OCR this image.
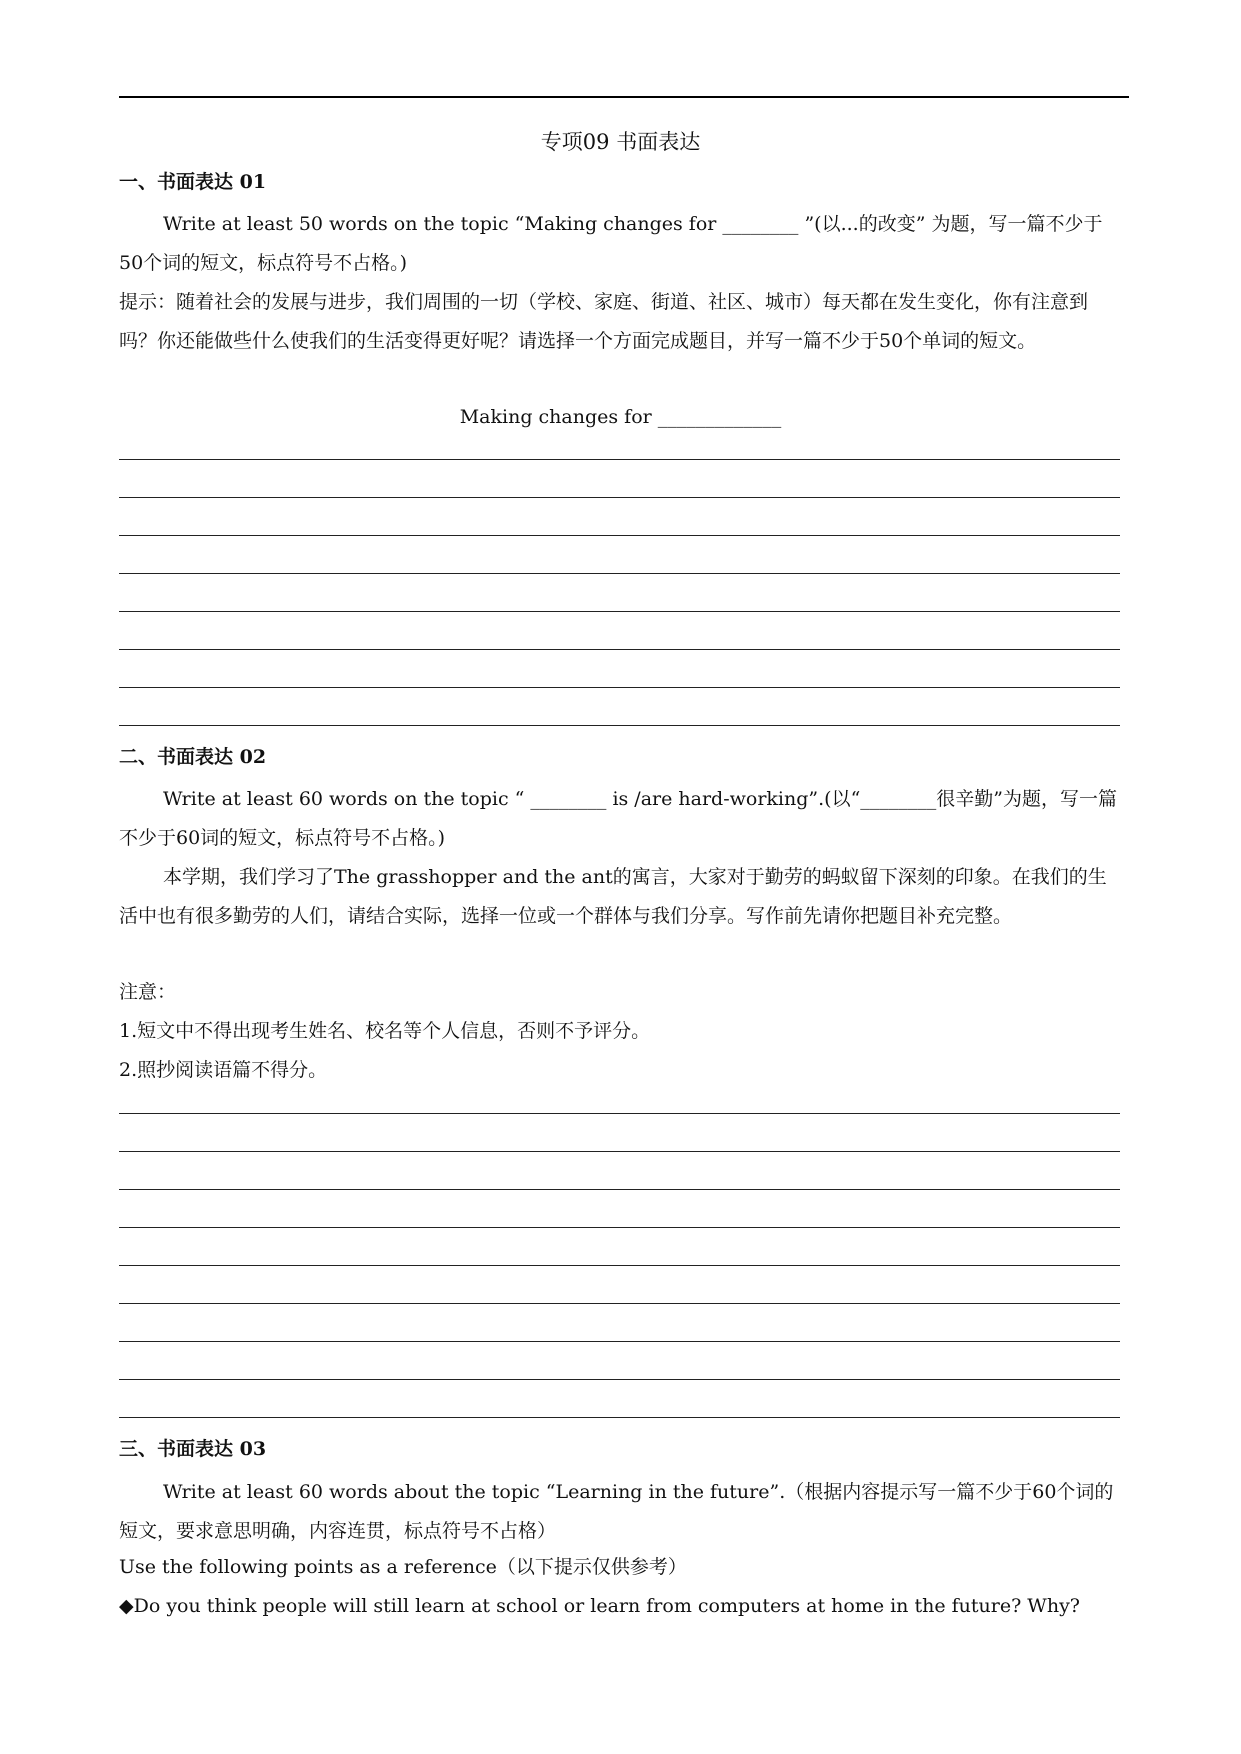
专项09 书面表达
一、书面表达 01

Write at least 50 words on the topic “Making changes for ________ ”(以...的改变” 为题，写一篇不少于50个词的短文，标点符号不占格。)

提示：随着社会的发展与进步，我们周围的一切（学校、家庭、街道、社区、城市）每天都在发生变化，你有注意到吗？你还能做些什么使我们的生活变得更好呢？请选择一个方面完成题目，并写一篇不少于50个单词的短文。

Making changes for _____________
二、书面表达 02

Write at least 60 words on the topic “ ________ is /are hard-working”.(以“________很辛勤”为题，写一篇不少于60词的短文，标点符号不占格。)

本学期，我们学习了The grasshopper and the ant的寓言，大家对于勤劳的蚂蚁留下深刻的印象。在我们的生活中也有很多勤劳的人们，请结合实际，选择一位或一个群体与我们分享。写作前先请你把题目补充完整。

注意：
1.短文中不得出现考生姓名、校名等个人信息，否则不予评分。
2.照抄阅读语篇不得分。
三、书面表达 03

Write at least 60 words about the topic “Learning in the future”.（根据内容提示写一篇不少于60个词的短文，要求意思明确，内容连贯，标点符号不占格）

Use the following points as a reference（以下提示仅供参考）
◆Do you think people will still learn at school or learn from computers at home in the future? Why?
